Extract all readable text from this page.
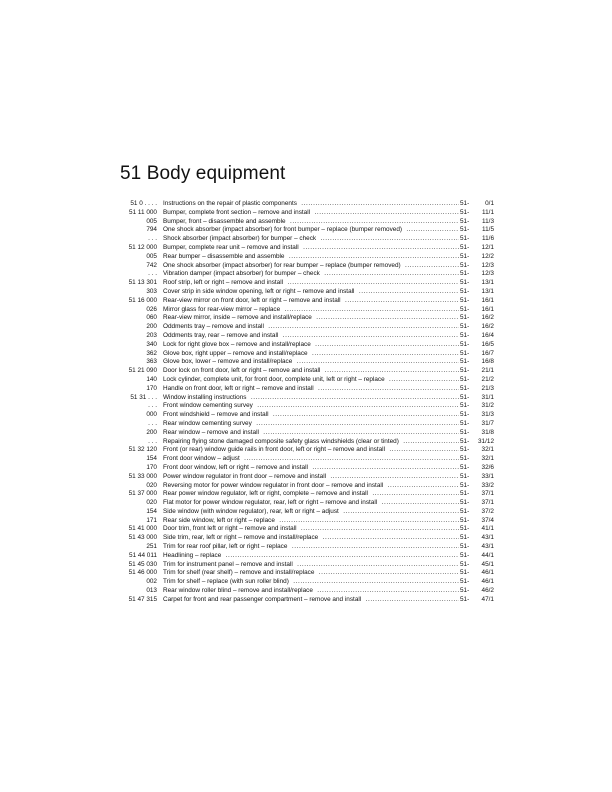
51 Body equipment
51 0 . . . . Instructions on the repair of plastic components .....	51-	0/1
51 11 000 Bumper, complete front section – remove and install .....	51-	11/1
005 Bumper, front – disassemble and assemble .....	51-	11/3
794 One shock absorber (impact absorber) for front bumper – replace (bumper removed) .....	51-	11/5
. . . Shock absorber (impact absorber) for bumper – check .....	51-	11/6
51 12 000 Bumper, complete rear unit – remove and install .....	51-	12/1
005 Rear bumper – disassemble and assemble .....	51-	12/2
742 One shock absorber (impact absorber) for rear bumper – replace (bumper removed) .....	51-	12/3
. . . Vibration damper (impact absorber) for bumper – check .....	51-	12/3
51 13 301 Roof strip, left or right – remove and install .....	51-	13/1
303 Cover strip in side window opening, left or right – remove and install .....	51-	13/1
51 16 000 Rear-view mirror on front door, left or right – remove and install .....	51-	16/1
026 Mirror glass for rear-view mirror – replace .....	51-	16/1
060 Rear-view mirror, inside – remove and install/replace .....	51-	16/2
200 Oddments tray – remove and install .....	51-	16/2
203 Oddments tray, rear – remove and install .....	51-	16/4
340 Lock for right glove box – remove and install/replace .....	51-	16/5
362 Glove box, right upper – remove and install/replace .....	51-	16/7
363 Glove box, lower – remove and install/replace .....	51-	16/8
51 21 090 Door lock on front door, left or right – remove and install .....	51-	21/1
140 Lock cylinder, complete unit, for front door, complete unit, left or right – replace .....	51-	21/2
170 Handle on front door, left or right – remove and install .....	51-	21/3
51 31 . . . Window installing instructions .....	51-	31/1
. . . Front window cementing survey .....	51-	31/2
000 Front windshield – remove and install .....	51-	31/3
. . . Rear window cementing survey .....	51-	31/7
200 Rear window – remove and install .....	51-	31/8
. . . Repairing flying stone damaged composite safety glass windshields (clear or tinted) .....	51-	31/12
51 32 120 Front (or rear) window guide rails in front door, left or right – remove and install .....	51-	32/1
154 Front door window – adjust .....	51-	32/1
170 Front door window, left or right – remove and install .....	51-	32/6
51 33 000 Power window regulator in front door – remove and install .....	51-	33/1
020 Reversing motor for power window regulator in front door – remove and install .....	51-	33/2
51 37 000 Rear power window regulator, left or right, complete – remove and install .....	51-	37/1
020 Flat motor for power window regulator, rear, left or right – remove and install .....	51-	37/1
154 Side window (with window regulator), rear, left or right – adjust .....	51-	37/2
171 Rear side window, left or right – replace .....	51-	37/4
51 41 000 Door trim, front left or right – remove and install .....	51-	41/1
51 43 000 Side trim, rear, left or right – remove and install/replace .....	51-	43/1
251 Trim for rear roof pillar, left or right – replace .....	51-	43/1
51 44 011 Headlining – replace .....	51-	44/1
51 45 030 Trim for instrument panel – remove and install .....	51-	45/1
51 46 000 Trim for shelf (rear shelf) – remove and install/replace .....	51-	46/1
002 Trim for shelf – replace (with sun roller blind) .....	51-	46/1
013 Rear window roller blind – remove and install/replace .....	51-	46/2
51 47 315 Carpet for front and rear passenger compartment – remove and install .....	51-	47/1
